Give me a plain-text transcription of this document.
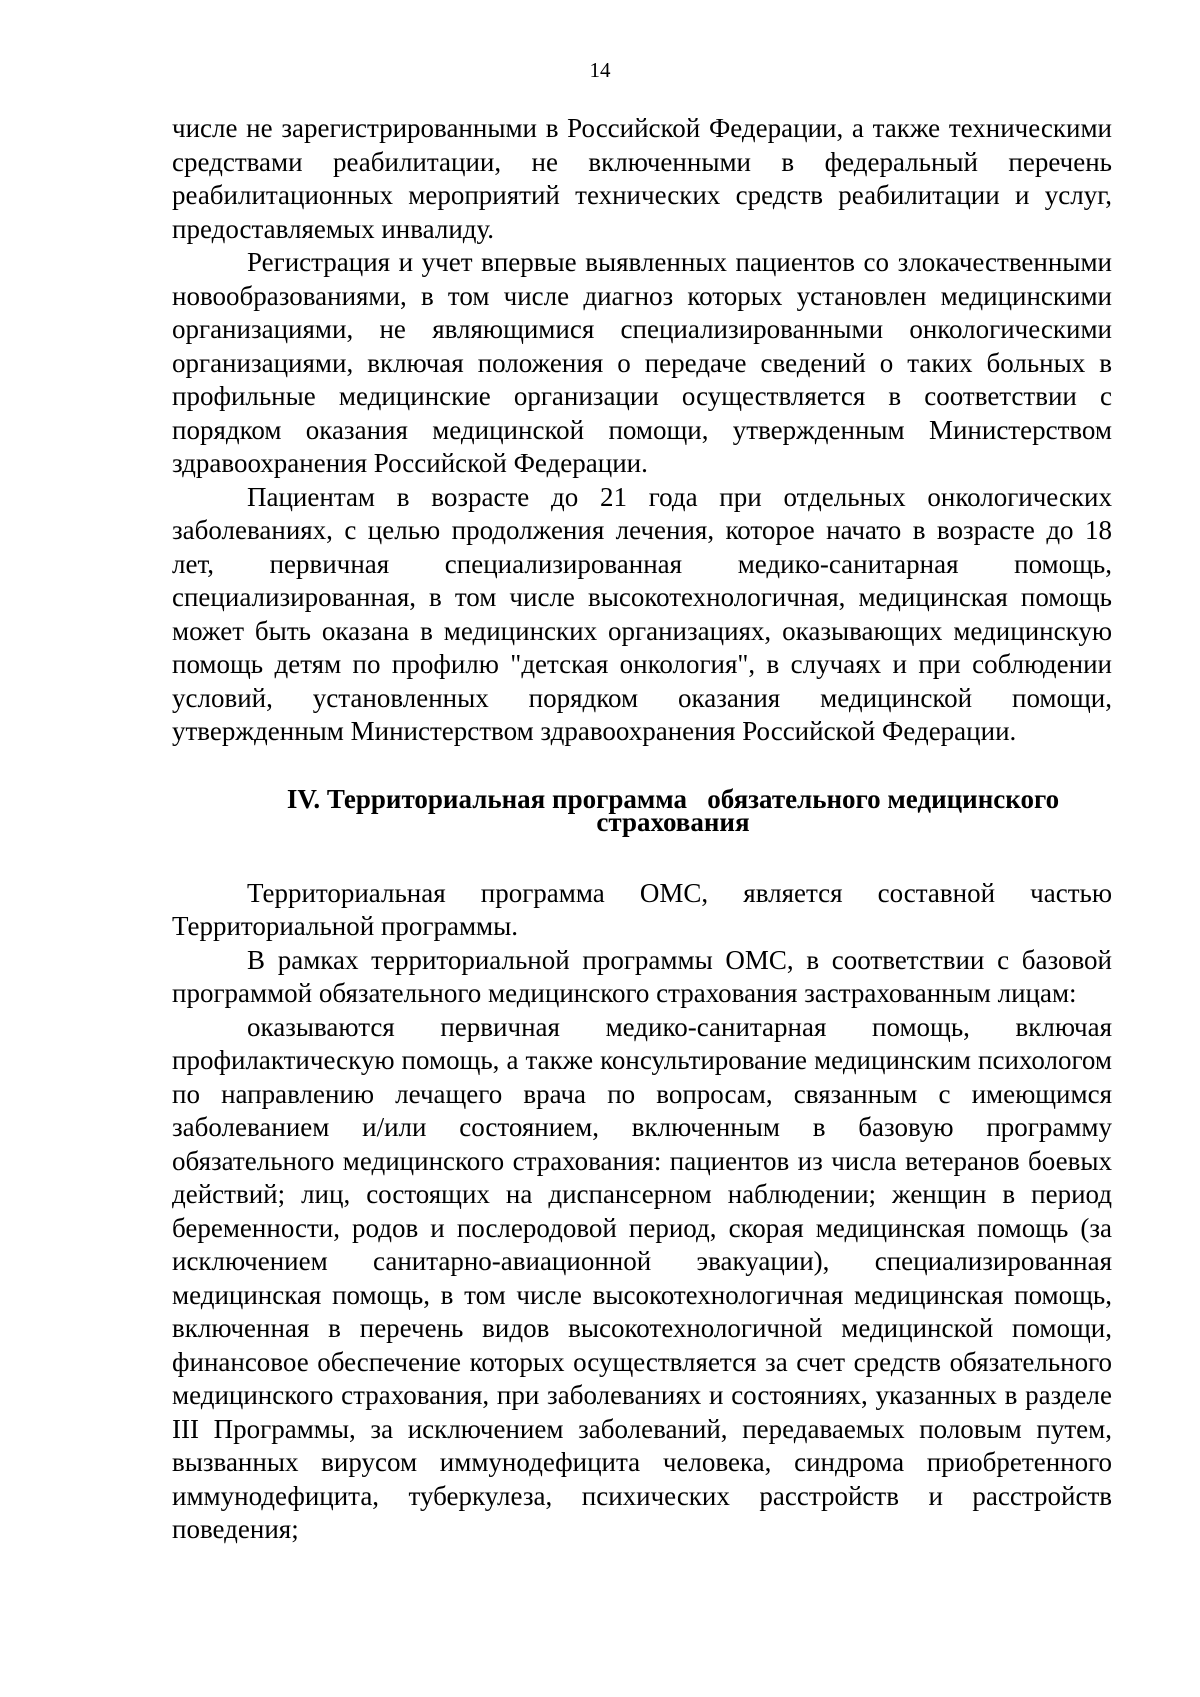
14

числе не зарегистрированными в Российской Федерации, а также техническими средствами реабилитации, не включенными в федеральный перечень реабилитационных мероприятий технических средств реабилитации и услуг, предоставляемых инвалиду.

Регистрация и учет впервые выявленных пациентов со злокачественными новообразованиями, в том числе диагноз которых установлен медицинскими организациями, не являющимися специализированными онкологическими организациями, включая положения о передаче сведений о таких больных в профильные медицинские организации осуществляется в соответствии с порядком оказания медицинской помощи, утвержденным Министерством здравоохранения Российской Федерации.

Пациентам в возрасте до 21 года при отдельных онкологических заболеваниях, с целью продолжения лечения, которое начато в возрасте до 18 лет, первичная специализированная медико-санитарная помощь, специализированная, в том числе высокотехнологичная, медицинская помощь может быть оказана в медицинских организациях, оказывающих медицинскую помощь детям по профилю "детская онкология", в случаях и при соблюдении условий, установленных порядком оказания медицинской помощи, утвержденным Министерством здравоохранения Российской Федерации.

IV. Территориальная программа   обязательного медицинского
страхования

Территориальная программа ОМС, является составной частью Территориальной программы.

В рамках территориальной программы ОМС, в соответствии с базовой программой обязательного медицинского страхования застрахованным лицам:

оказываются первичная медико-санитарная помощь, включая профилактическую помощь, а также консультирование медицинским психологом по направлению лечащего врача по вопросам, связанным с имеющимся заболеванием и/или состоянием, включенным в базовую программу обязательного медицинского страхования: пациентов из числа ветеранов боевых действий; лиц, состоящих на диспансерном наблюдении; женщин в период беременности, родов и послеродовой период, скорая медицинская помощь (за исключением санитарно-авиационной эвакуации), специализированная медицинская помощь, в том числе высокотехнологичная медицинская помощь, включенная в перечень видов высокотехнологичной медицинской помощи, финансовое обеспечение которых осуществляется за счет средств обязательного медицинского страхования, при заболеваниях и состояниях, указанных в разделе III Программы, за исключением заболеваний, передаваемых половым путем, вызванных вирусом иммунодефицита человека, синдрома приобретенного иммунодефицита, туберкулеза, психических расстройств и расстройств поведения;
